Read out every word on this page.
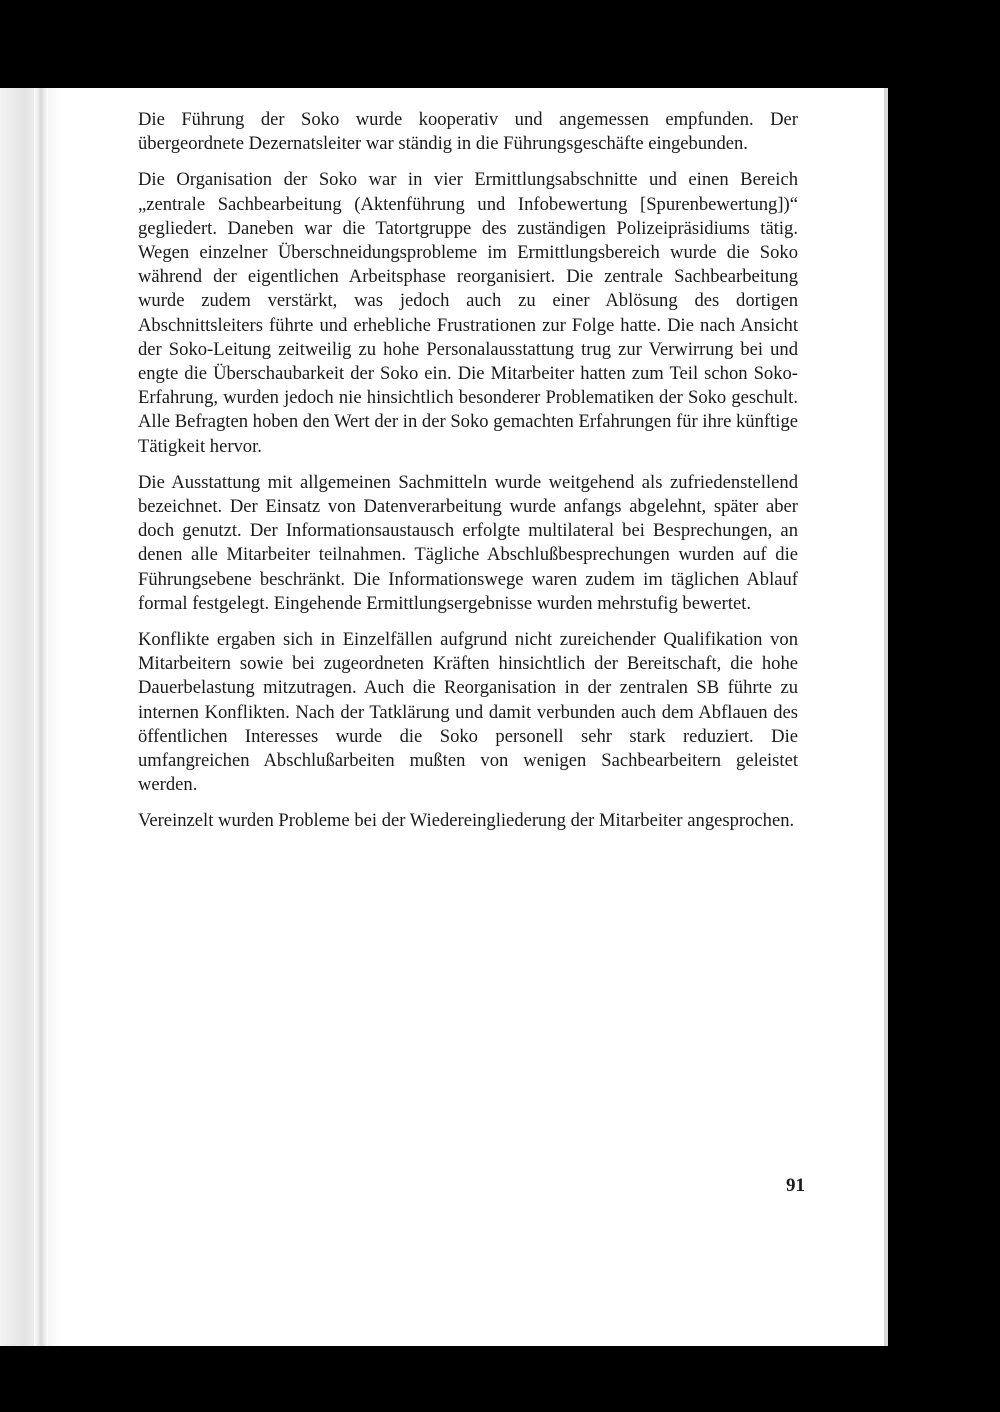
Die Führung der Soko wurde kooperativ und angemessen empfunden. Der übergeordnete Dezernatsleiter war ständig in die Führungsgeschäfte eingebunden.

Die Organisation der Soko war in vier Ermittlungsabschnitte und einen Bereich „zentrale Sachbearbeitung (Aktenführung und Infobewertung [Spurenbewertung])“ gegliedert. Daneben war die Tatortgruppe des zuständigen Polizeipräsidiums tätig. Wegen einzelner Überschneidungsprobleme im Ermittlungsbereich wurde die Soko während der eigentlichen Arbeitsphase reorganisiert. Die zentrale Sachbearbeitung wurde zudem verstärkt, was jedoch auch zu einer Ablösung des dortigen Abschnittsleiters führte und erhebliche Frustrationen zur Folge hatte. Die nach Ansicht der Soko-Leitung zeitweilig zu hohe Personalausstattung trug zur Verwirrung bei und engte die Überschaubarkeit der Soko ein. Die Mitarbeiter hatten zum Teil schon Soko-Erfahrung, wurden jedoch nie hinsichtlich besonderer Problematiken der Soko geschult. Alle Befragten hoben den Wert der in der Soko gemachten Erfahrungen für ihre künftige Tätigkeit hervor.

Die Ausstattung mit allgemeinen Sachmitteln wurde weitgehend als zufriedenstellend bezeichnet. Der Einsatz von Datenverarbeitung wurde anfangs abgelehnt, später aber doch genutzt. Der Informationsaustausch erfolgte multilateral bei Besprechungen, an denen alle Mitarbeiter teilnahmen. Tägliche Abschlußbesprechungen wurden auf die Führungsebene beschränkt. Die Informationswege waren zudem im täglichen Ablauf formal festgelegt. Eingehende Ermittlungsergebnisse wurden mehrstufig bewertet.

Konflikte ergaben sich in Einzelfällen aufgrund nicht zureichender Qualifikation von Mitarbeitern sowie bei zugeordneten Kräften hinsichtlich der Bereitschaft, die hohe Dauerbelastung mitzutragen. Auch die Reorganisation in der zentralen SB führte zu internen Konflikten. Nach der Tatklärung und damit verbunden auch dem Abflauen des öffentlichen Interesses wurde die Soko personell sehr stark reduziert. Die umfangreichen Abschlußarbeiten mußten von wenigen Sachbearbeitern geleistet werden.

Vereinzelt wurden Probleme bei der Wiedereingliederung der Mitarbeiter angesprochen.

91
